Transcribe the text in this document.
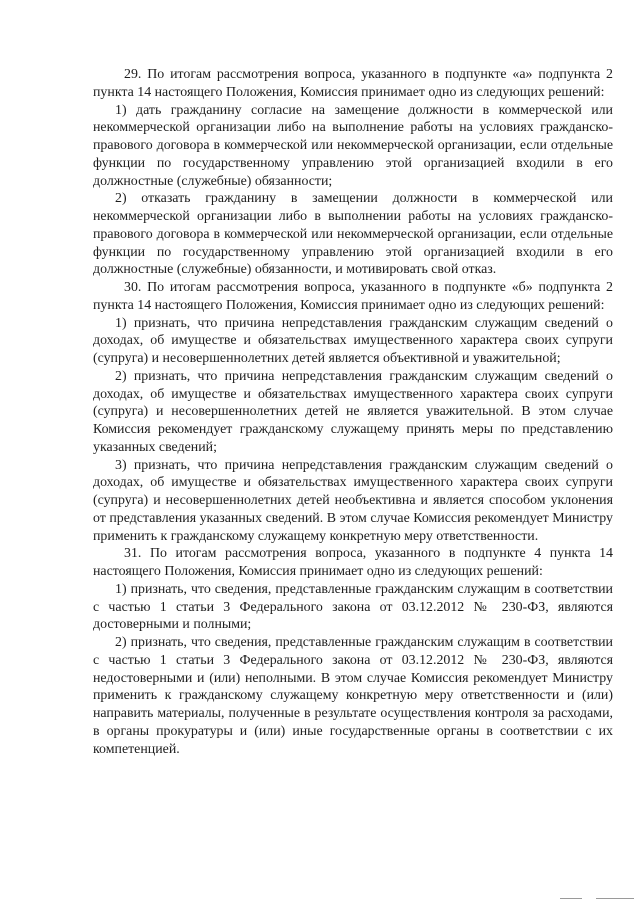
29. По итогам рассмотрения вопроса, указанного в подпункте «а» подпункта 2 пункта 14 настоящего Положения, Комиссия принимает одно из следующих решений:

1) дать гражданину согласие на замещение должности в коммерческой или некоммерческой организации либо на выполнение работы на условиях гражданско-правового договора в коммерческой или некоммерческой организации, если отдельные функции по государственному управлению этой организацией входили в его должностные (служебные) обязанности;

2) отказать гражданину в замещении должности в коммерческой или некоммерческой организации либо в выполнении работы на условиях гражданско-правового договора в коммерческой или некоммерческой организации, если отдельные функции по государственному управлению этой организацией входили в его должностные (служебные) обязанности, и мотивировать свой отказ.

30. По итогам рассмотрения вопроса, указанного в подпункте «б» подпункта 2 пункта 14 настоящего Положения, Комиссия принимает одно из следующих решений:

1) признать, что причина непредставления гражданским служащим сведений о доходах, об имуществе и обязательствах имущественного характера своих супруги (супруга) и несовершеннолетних детей является объективной и уважительной;

2) признать, что причина непредставления гражданским служащим сведений о доходах, об имуществе и обязательствах имущественного характера своих супруги (супруга) и несовершеннолетних детей не является уважительной. В этом случае Комиссия рекомендует гражданскому служащему принять меры по представлению указанных сведений;

3) признать, что причина непредставления гражданским служащим сведений о доходах, об имуществе и обязательствах имущественного характера своих супруги (супруга) и несовершеннолетних детей необъективна и является способом уклонения от представления указанных сведений. В этом случае Комиссия рекомендует Министру применить к гражданскому служащему конкретную меру ответственности.

31. По итогам рассмотрения вопроса, указанного в подпункте 4 пункта 14 настоящего Положения, Комиссия принимает одно из следующих решений:

1) признать, что сведения, представленные гражданским служащим в соответствии с частью 1 статьи 3 Федерального закона от 03.12.2012 № 230-ФЗ, являются достоверными и полными;

2) признать, что сведения, представленные гражданским служащим в соответствии с частью 1 статьи 3 Федерального закона от 03.12.2012 № 230-ФЗ, являются недостоверными и (или) неполными. В этом случае Комиссия рекомендует Министру применить к гражданскому служащему конкретную меру ответственности и (или) направить материалы, полученные в результате осуществления контроля за расходами, в органы прокуратуры и (или) иные государственные органы в соответствии с их компетенцией.
